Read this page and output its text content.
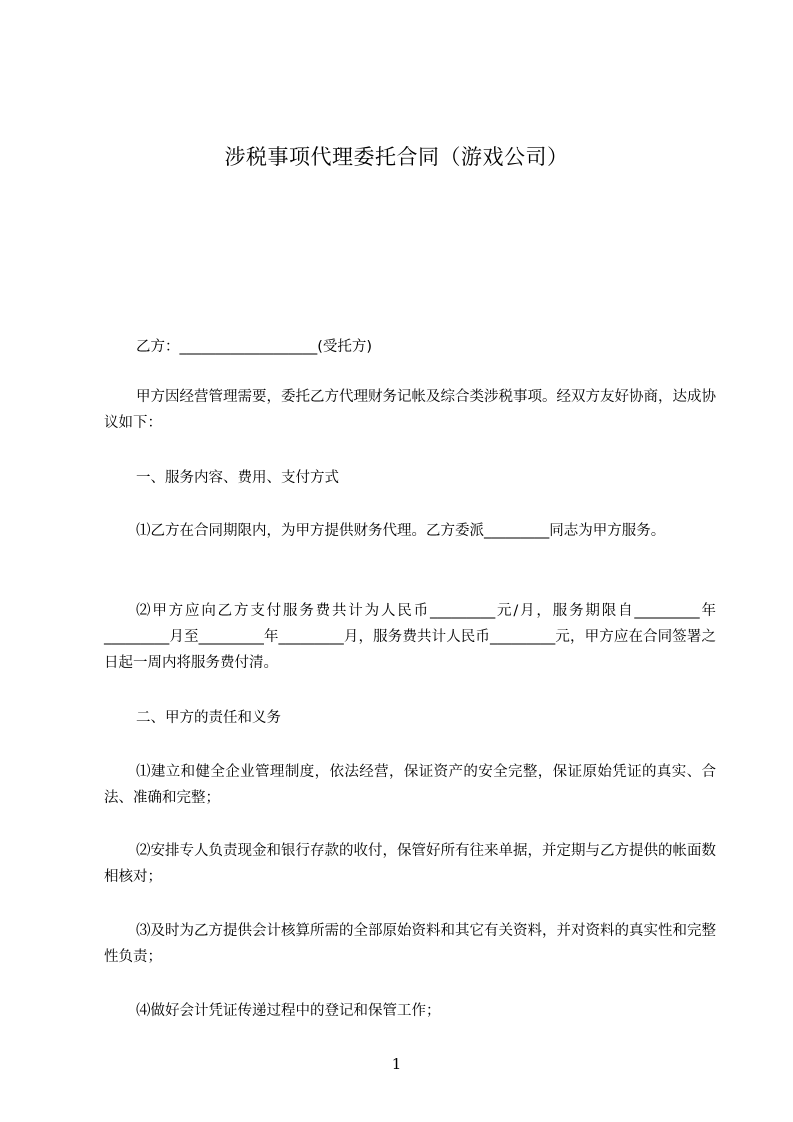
涉税事项代理委托合同（游戏公司）
乙方：___________________(受托方)
甲方因经营管理需要，委托乙方代理财务记帐及综合类涉税事项。经双方友好协商，达成协议如下：
一、服务内容、费用、支付方式
⑴乙方在合同期限内，为甲方提供财务代理。乙方委派_________同志为甲方服务。
⑵甲方应向乙方支付服务费共计为人民币_________元/月，服务期限自_________年_________月至_________年_________月，服务费共计人民币_________元，甲方应在合同签署之日起一周内将服务费付清。
二、甲方的责任和义务
⑴建立和健全企业管理制度，依法经营，保证资产的安全完整，保证原始凭证的真实、合法、准确和完整；
⑵安排专人负责现金和银行存款的收付，保管好所有往来单据，并定期与乙方提供的帐面数相核对；
⑶及时为乙方提供会计核算所需的全部原始资料和其它有关资料，并对资料的真实性和完整性负责；
⑷做好会计凭证传递过程中的登记和保管工作；
1
